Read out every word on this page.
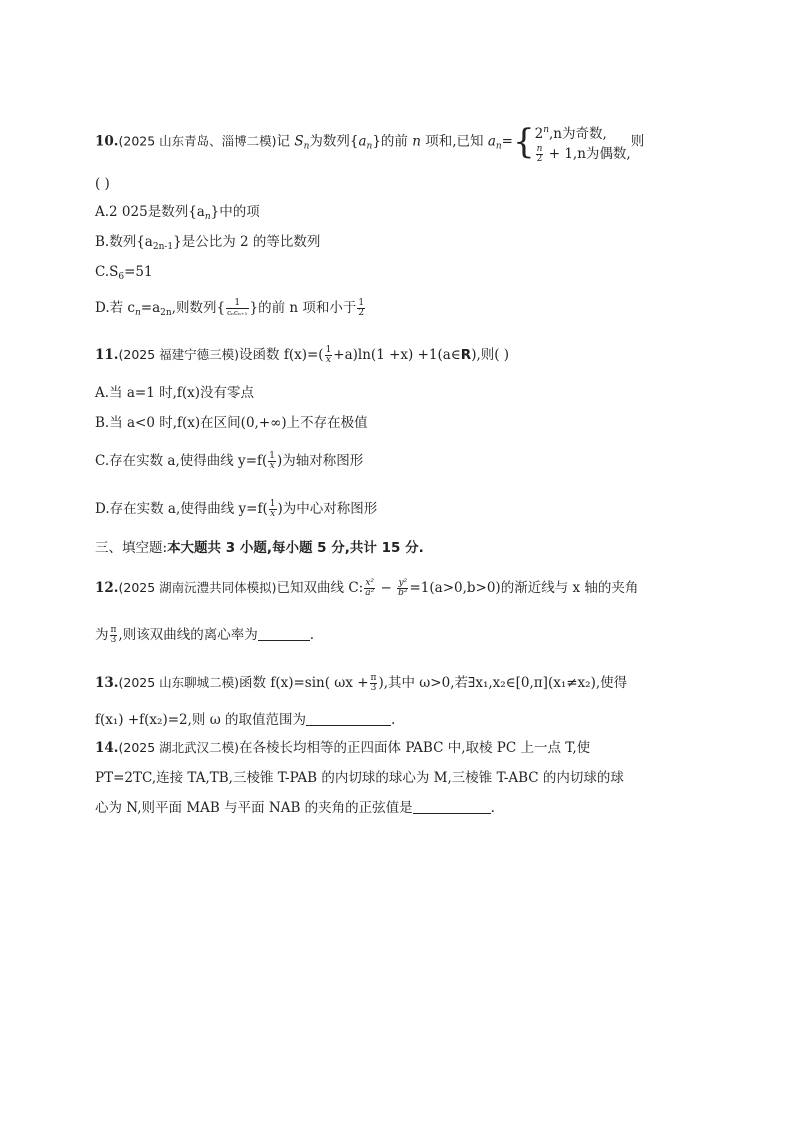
10.(2025 山东青岛、淄博二模)记 $S_n$为数列$\{a_n\}$的前 n 项和,已知 $a_n=${ 2$^n$,n为奇数,
$\frac{n}{2} + 1,n$为偶数,
则
( )
A.2 025是数列$\{a_n\}$中的项
B.数列$\{a_{2n-1}\}$是公比为 2 的等比数列
$C.S_6=51$
D.若 $c_n=a_{2n}$,则数列{ $\frac{1}{\text{cₙcₙ₊₁}}$ }的前 n 项和小于 $\frac{1}{2}$
11.(2025 福建宁德三模)设函数 $f(x)=( \frac{1}{x} +a)\ln(1 +x)$ +1(a∈R),则( )
A.当 a=1 时,f(x)没有零点
B.当 a<0 时,f(x)在区间(0,+∞)上不存在极值
C.存在实数 a,使得曲线 $y=f( \frac{1}{x}$ )为轴对称图形
D.存在实数 a,使得曲线 $y=f( \frac{1}{x}$ )为中心对称图形
三、填空题:本大题共 3 小题,每小题 5 分,共计 15 分.
12.(2025 湖南沅澧共同体模拟)已知双曲线 C: $\frac{\text{x²}}{\text{a²}} - \frac{\text{y²}}{\text{b²}} =1(a>0,b>0)$的渐近线与 x 轴的夹角
为 $\frac{\pi}{3}$ ,则该双曲线的离心率为	.
13.(2025 山东聊城二模)函数 f(x)=sin( $\omega x + \frac{\pi}{3}$ ),其中 ω>0,若∃x₁,x₂∈[0,π](x₁≠x₂),使得
f(x₁) +f(x₂)=2,则 ω 的取值范围为	.
14.(2025 湖北武汉二模)在各棱长均相等的正四面体 PABC 中,取棱 PC 上一点 T,使
PT=2TC,连接 TA,TB,三棱锥 T-PAB 的内切球的球心为 M,三棱锥 T-ABC 的内切球的球
心为 N,则平面 MAB 与平面 NAB 的夹角的正弦值是	.
